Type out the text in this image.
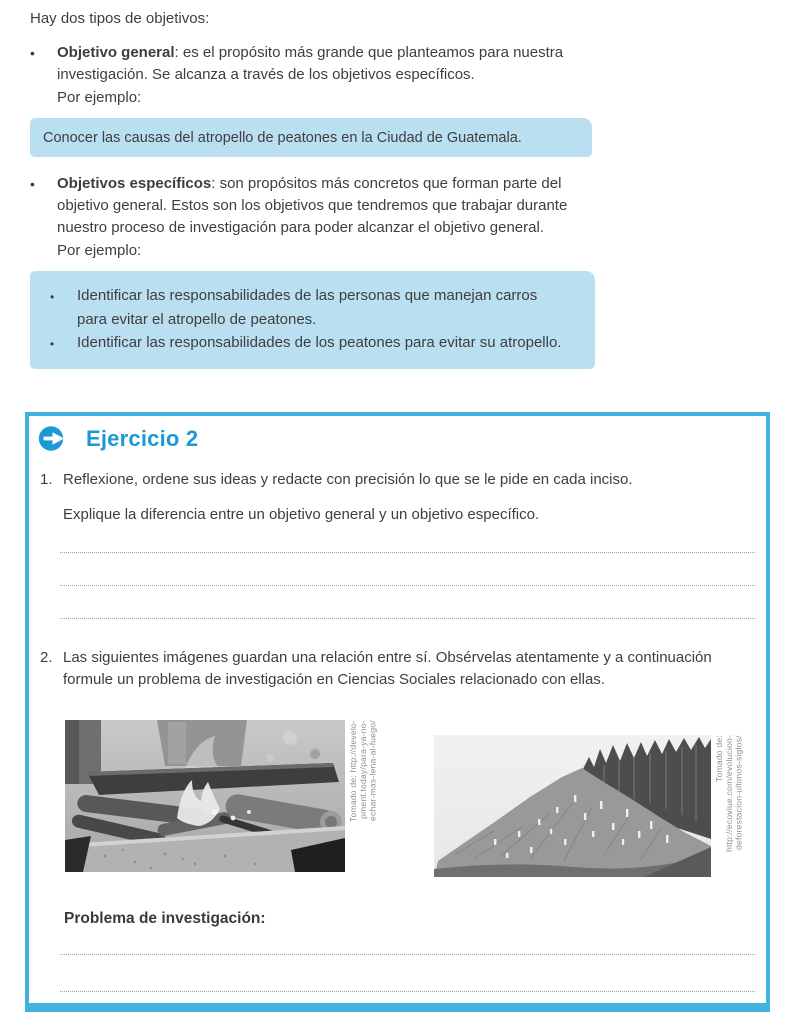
Hay dos tipos de objetivos:

•	Objetivo general: es el propósito más grande que planteamos para nuestra investigación. Se alcanza a través de los objetivos específicos.

Por ejemplo:

Conocer las causas del atropello de peatones en la Ciudad de Guatemala.
•	Objetivos específicos: son propósitos más concretos que forman parte del objetivo general. Estos son los objetivos que tendremos que trabajar durante nuestro proceso de investigación para poder alcanzar el objetivo general.

Por ejemplo:

•	Identificar las responsabilidades de las personas que manejan carros para evitar el atropello de peatones.
•	Identificar las responsabilidades de los peatones para evitar su atropello.
Ejercicio 2
1. Reflexione, ordene sus ideas y redacte con precisión lo que se le pide en cada inciso.

Explique la diferencia entre un objetivo general y un objetivo específico.

2. Las siguientes imágenes guardan una relación entre sí. Obsérvelas atentamente y a continuación formule un problema de investigación en Ciencias Sociales relacionado con ellas.

Tomado de: http://develo- pment.today/para-ya-no- echar-mas-lena-al-fuego/	Tomado de: http://ecoviue.com/evolucion- deforestacion-ultimos-siglos/

Problema de investigación:
